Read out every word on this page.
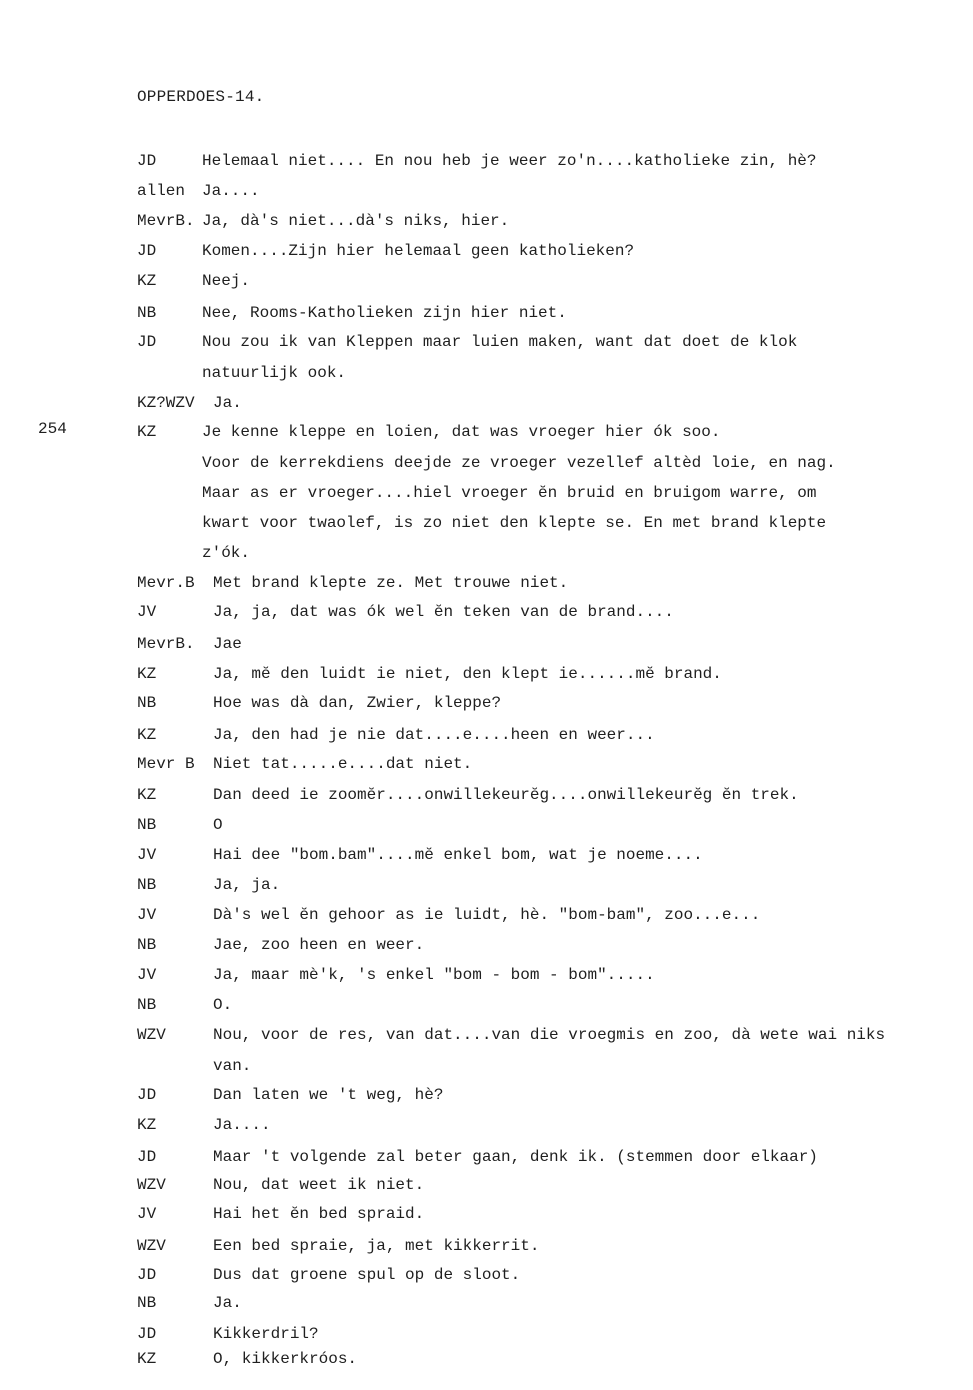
OPPERDOES-14.
254
JD	Helemaal niet.... En nou heb je weer zo'n....katholieke zin, hè?
allen Ja....
MevrB. Ja, dà's niet...dà's niks, hier.
JD	Komen....Zijn hier helemaal geen katholieken?
KZ	Neej.
NB	Nee, Rooms-Katholieken zijn hier niet.
JD	Nou zou ik van Kleppen maar luien maken, want dat doet de klok
natuurlijk ook.
KZ?WZV Ja.
KZ	Je kenne kleppe en loien, dat was vroeger hier ók soo.
Voor de kerrekdiens deejde ze vroeger vezellef altèd loie, en nag.
Maar as er vroeger....hiel vroeger ĕn bruid en bruigom warre, om
kwart voor twaolef, is zo niet den klepte se. En met brand klepte
z'ók.
Mevr.B Met brand klepte ze. Met trouwe niet.
JV	Ja, ja, dat was ók wel ĕn teken van de brand....
MevrB. Jae
KZ	Ja, mĕ den luidt ie niet, den klept ie......mĕ brand.
NB	Hoe was dà dan, Zwier, kleppe?
KZ	Ja, den had je nie dat....e....heen en weer...
Mevr B Niet tat.....e....dat niet.
KZ	Dan deed ie zoomĕr....onwillekeurĕg....onwillekeurĕg ĕn trek.
NB	O
JV	Hai dee "bom.bam"....mĕ enkel bom, wat je noeme....
NB	Ja, ja.
JV	Dà's wel ĕn gehoor as ie luidt, hè. "bom-bam", zoo...e...
NB	Jae, zoo heen en weer.
JV	Ja, maar mè'k, 's enkel "bom - bom - bom".....
NB	O.
WZV	Nou, voor de res, van dat....van die vroegmis en zoo, dà wete wai niks
van.
JD	Dan laten we 't weg, hè?
KZ	Ja....
JD	Maar 't volgende zal beter gaan, denk ik. (stemmen door elkaar)
WZV	Nou, dat weet ik niet.
JV	Hai het ĕn bed spraid.
WZV	Een bed spraie, ja, met kikkerrit.
JD	Dus dat groene spul op de sloot.
NB	Ja.
JD	Kikkerdril?
KZ	O, kikkerkróos.
